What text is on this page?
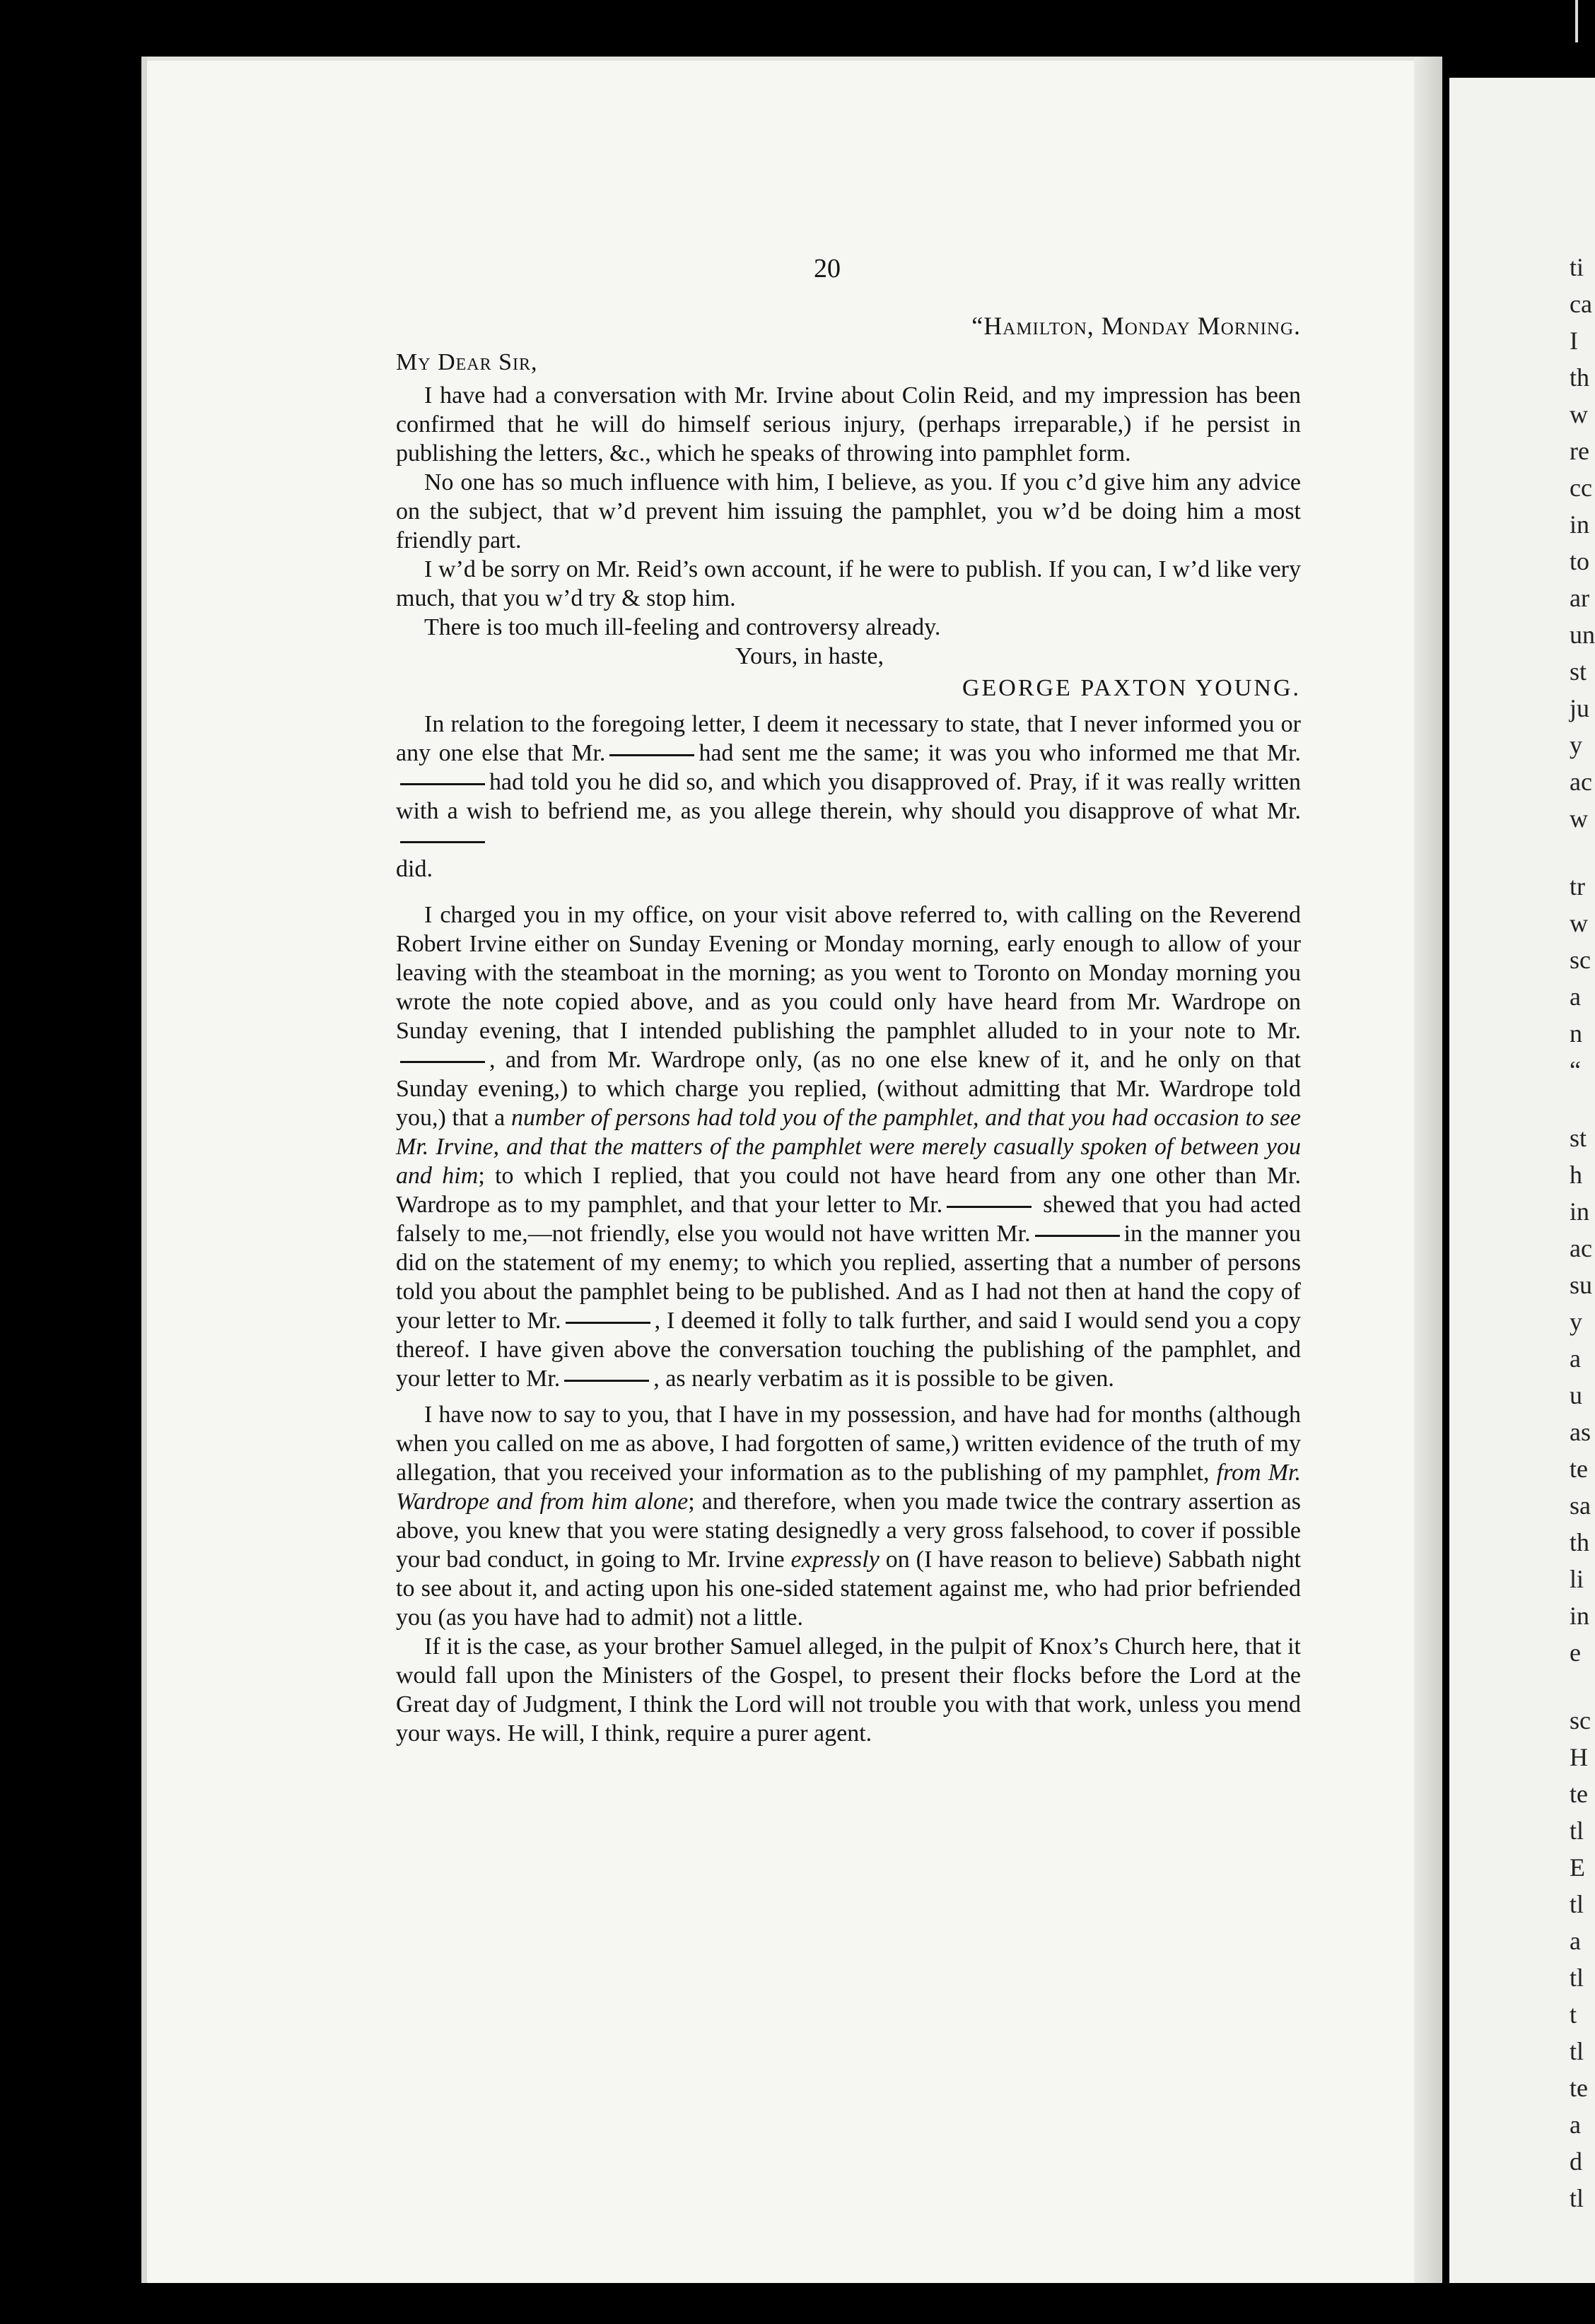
ti
ca
I
th
w
re
cc
in
to
ar
un
st
ju
y
ac
w
tr
w
sc
a
n
“
st
h
in
ac
su
y
a
u
as
te
sa
th
li
in
e
sc
H
te
tl
E
tl
a
tl
t
tl
te
a
d
tl
20
“Hamilton, Monday Morning.
My Dear Sir,

I have had a conversation with Mr. Irvine about Colin Reid, and my impression has been confirmed that he will do himself serious injury, (perhaps irreparable,) if he persist in publishing the letters, &c., which he speaks of throwing into pamphlet form.

No one has so much influence with him, I believe, as you. If you c’d give him any advice on the subject, that w’d prevent him issuing the pamphlet, you w’d be doing him a most friendly part.

I w’d be sorry on Mr. Reid’s own account, if he were to publish. If you can, I w’d like very much, that you w’d try & stop him.

There is too much ill-feeling and controversy already.

Yours, in haste,

GEORGE PAXTON YOUNG.

In relation to the foregoing letter, I deem it necessary to state, that I never informed you or any one else that Mr.	had sent me the same; it was you who informed me that Mr.had told you he did so, and which you disapproved of. Pray, if it was really written with a wish to befriend me, as you allege therein, why should you disapprove of what Mr.
did.

I charged you in my office, on your visit above referred to, with calling on the Reverend Robert Irvine either on Sunday Evening or Monday morning, early enough to allow of your leaving with the steamboat in the morning; as you went to Toronto on Monday morning you wrote the note copied above, and as you could only have heard from Mr. Wardrope on Sunday evening, that I intended publishing the pamphlet alluded to in your note to Mr., and from Mr. Wardrope only, (as no one else knew of it, and he only on that Sunday evening,) to which charge you replied, (without admitting that Mr. Wardrope told you,) that a number of persons had told you of the pamphlet, and that you had occasion to see Mr. Irvine, and that the matters of the pamphlet were merely casually spoken of between you and him; to which I replied, that you could not have heard from any one other than Mr. Wardrope as to my pamphlet, and that your letter to Mr.	shewed that you had acted falsely to me,—not friendly, else you would not have written Mr.	in the manner you did on the statement of my enemy; to which you replied, asserting that a number of persons told you about the pamphlet being to be published. And as I had not then at hand the copy of your letter to Mr.	, I deemed it folly to talk further, and said I would send you a copy thereof. I have given above the conversation touching the publishing of the pamphlet, and your letter to Mr.	, as nearly verbatim as it is possible to be given.

I have now to say to you, that I have in my possession, and have had for months (although when you called on me as above, I had forgotten of same,) written evidence of the truth of my allegation, that you received your information as to the publishing of my pamphlet, from Mr. Wardrope and from him alone; and therefore, when you made twice the contrary assertion as above, you knew that you were stating designedly a very gross falsehood, to cover if possible your bad conduct, in going to Mr. Irvine expressly on (I have reason to believe) Sabbath night to see about it, and acting upon his one-sided statement against me, who had prior befriended you (as you have had to admit) not a little.

If it is the case, as your brother Samuel alleged, in the pulpit of Knox’s Church here, that it would fall upon the Ministers of the Gospel, to present their flocks before the Lord at the Great day of Judgment, I think the Lord will not trouble you with that work, unless you mend your ways. He will, I think, require a purer agent.
